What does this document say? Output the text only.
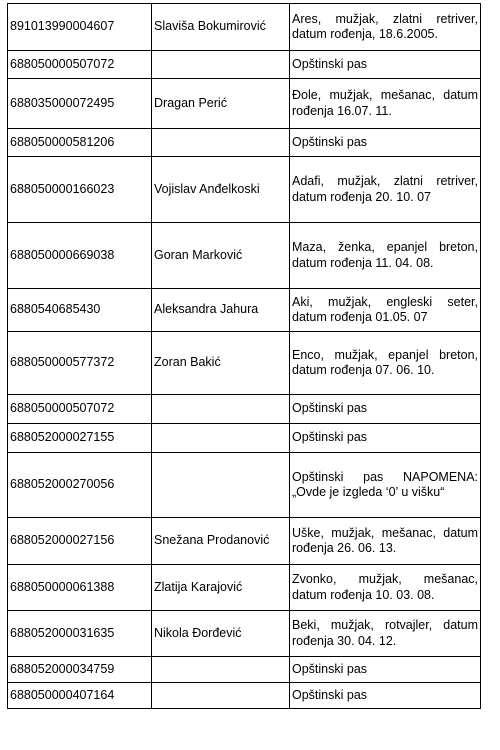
891013990004607	Slaviša Bokumirović	Ares, mužjak, zlatni retriver, datum rođenja, 18.6.2005.
688050000507072		Opštinski pas
688035000072495	Dragan Perić	Đole, mužjak, mešanac, datum rođenja 16.07. 11.
688050000581206		Opštinski pas
688050000166023	Vojislav Anđelkoski	Adafi, mužjak, zlatni retriver, datum rođenja 20. 10. 07
688050000669038	Goran Marković	Maza, ženka, epanjel breton, datum rođenja 11. 04. 08.
6880540685430	Aleksandra Jahura	Aki, mužjak, engleski seter, datum rođenja 01.05. 07
688050000577372	Zoran Bakić	Enco, mužjak, epanjel breton, datum rođenja 07. 06. 10.
688050000507072		Opštinski pas
688052000027155		Opštinski pas
688052000270056		Opštinski pas NAPOMENA: „Ovde je izgleda ‘0’ u višku“
688052000027156	Snežana Prodanović	Uške, mužjak, mešanac, datum rođenja 26. 06. 13.
688050000061388	Zlatija Karajović	Zvonko, mužjak, mešanac, datum rođenja 10. 03. 08.
688052000031635	Nikola Đorđević	Beki, mužjak, rotvajler, datum rođenja 30. 04. 12.
688052000034759		Opštinski pas
688050000407164		Opštinski pas
